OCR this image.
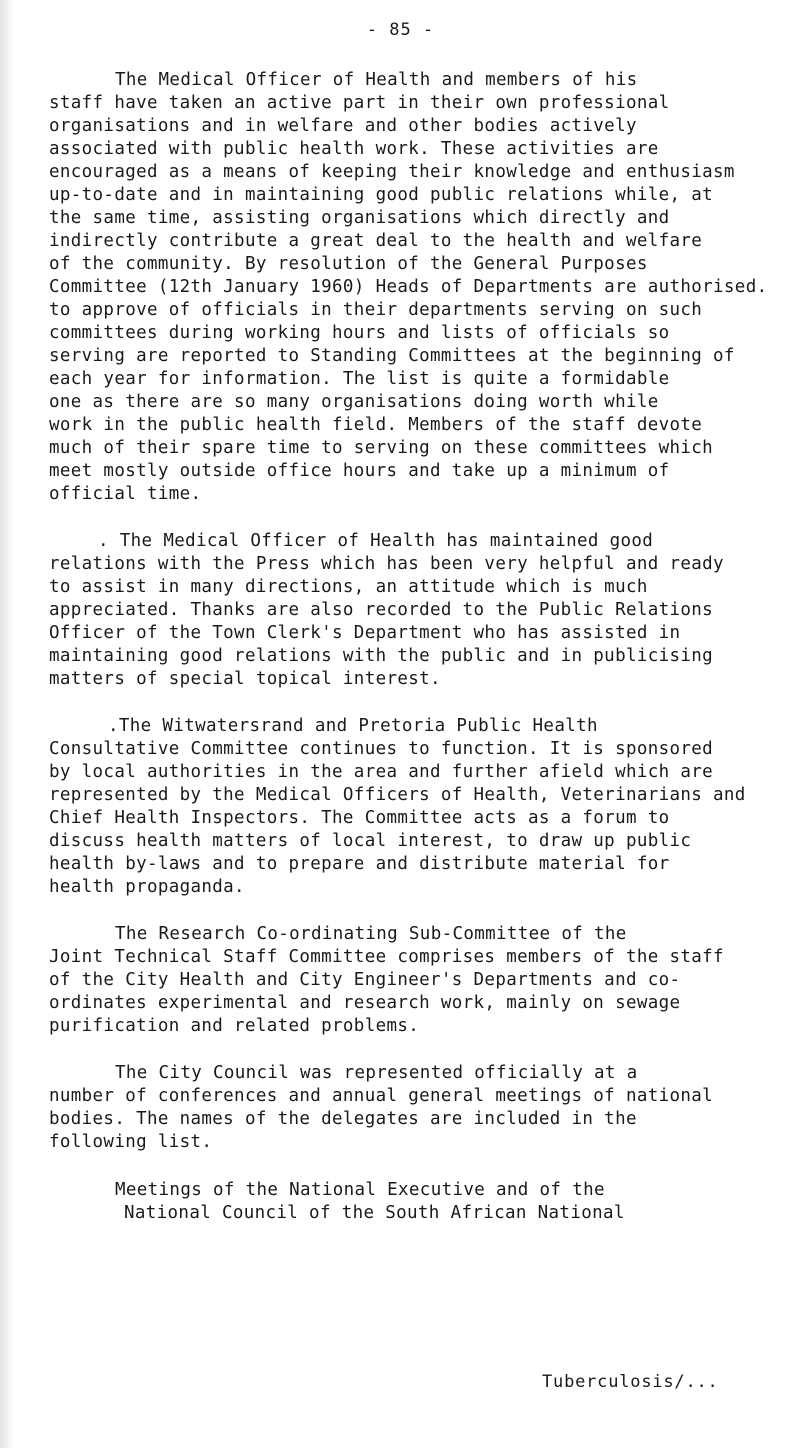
- 85 -
The Medical Officer of Health and members of his
staff have taken an active part in their own professional
organisations and in welfare and other bodies actively
associated with public health work. These activities are
encouraged as a means of keeping their knowledge and enthusiasm
up-to-date and in maintaining good public relations while, at
the same time, assisting organisations which directly and
indirectly contribute a great deal to the health and welfare
of the community. By resolution of the General Purposes
Committee (12th January 1960) Heads of Departments are authorised.
to approve of officials in their departments serving on such
committees during working hours and lists of officials so
serving are reported to Standing Committees at the beginning of
each year for information. The list is quite a formidable
one as there are so many organisations doing worth while
work in the public health field. Members of the staff devote
much of their spare time to serving on these committees which
meet mostly outside office hours and take up a minimum of
official time.
. The Medical Officer of Health has maintained good
relations with the Press which has been very helpful and ready
to assist in many directions, an attitude which is much
appreciated. Thanks are also recorded to the Public Relations
Officer of the Town Clerk's Department who has assisted in
maintaining good relations with the public and in publicising
matters of special topical interest.
.The Witwatersrand and Pretoria Public Health
Consultative Committee continues to function. It is sponsored
by local authorities in the area and further afield which are
represented by the Medical Officers of Health, Veterinarians and
Chief Health Inspectors. The Committee acts as a forum to
discuss health matters of local interest, to draw up public
health by-laws and to prepare and distribute material for
health propaganda.
The Research Co-ordinating Sub-Committee of the
Joint Technical Staff Committee comprises members of the staff
of the City Health and City Engineer's Departments and co-
ordinates experimental and research work, mainly on sewage
purification and related problems.
The City Council was represented officially at a
number of conferences and annual general meetings of national
bodies. The names of the delegates are included in the
following list.
Meetings of the National Executive and of the
National Council of the South African National
Tuberculosis/...
